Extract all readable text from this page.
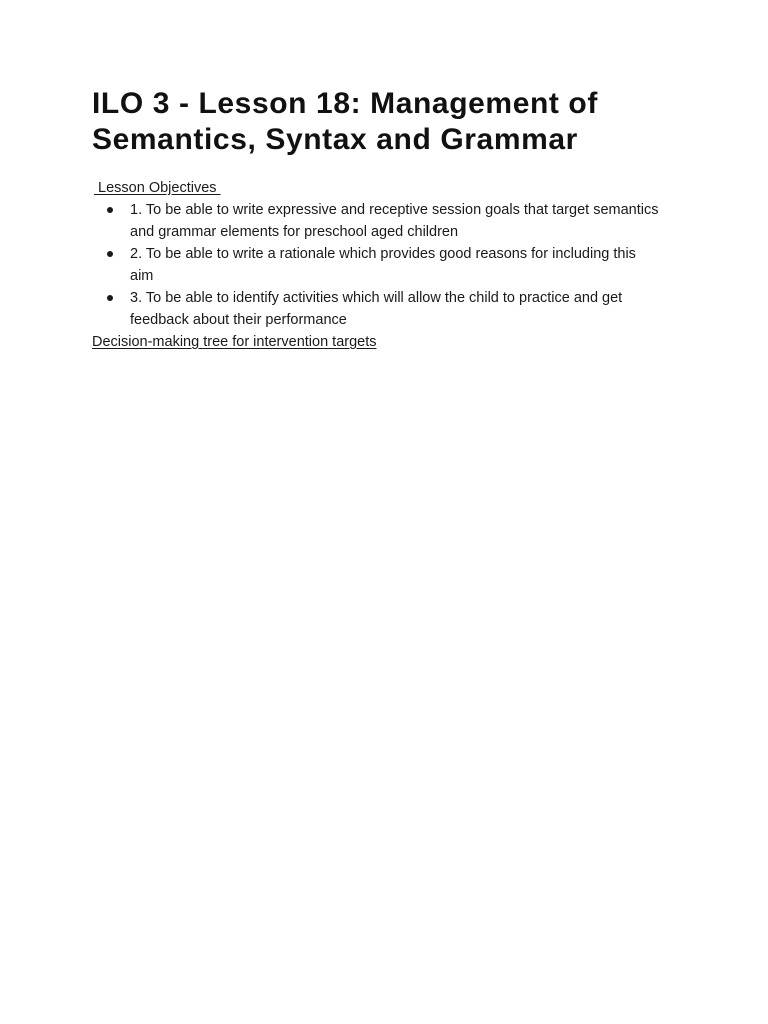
ILO 3 - Lesson 18: Management of Semantics, Syntax and Grammar
Lesson Objectives
1. To be able to write expressive and receptive session goals that target semantics and grammar elements for preschool aged children
2. To be able to write a rationale which provides good reasons for including this aim
3. To be able to identify activities which will allow the child to practice and get feedback about their performance
Decision-making tree for intervention targets
